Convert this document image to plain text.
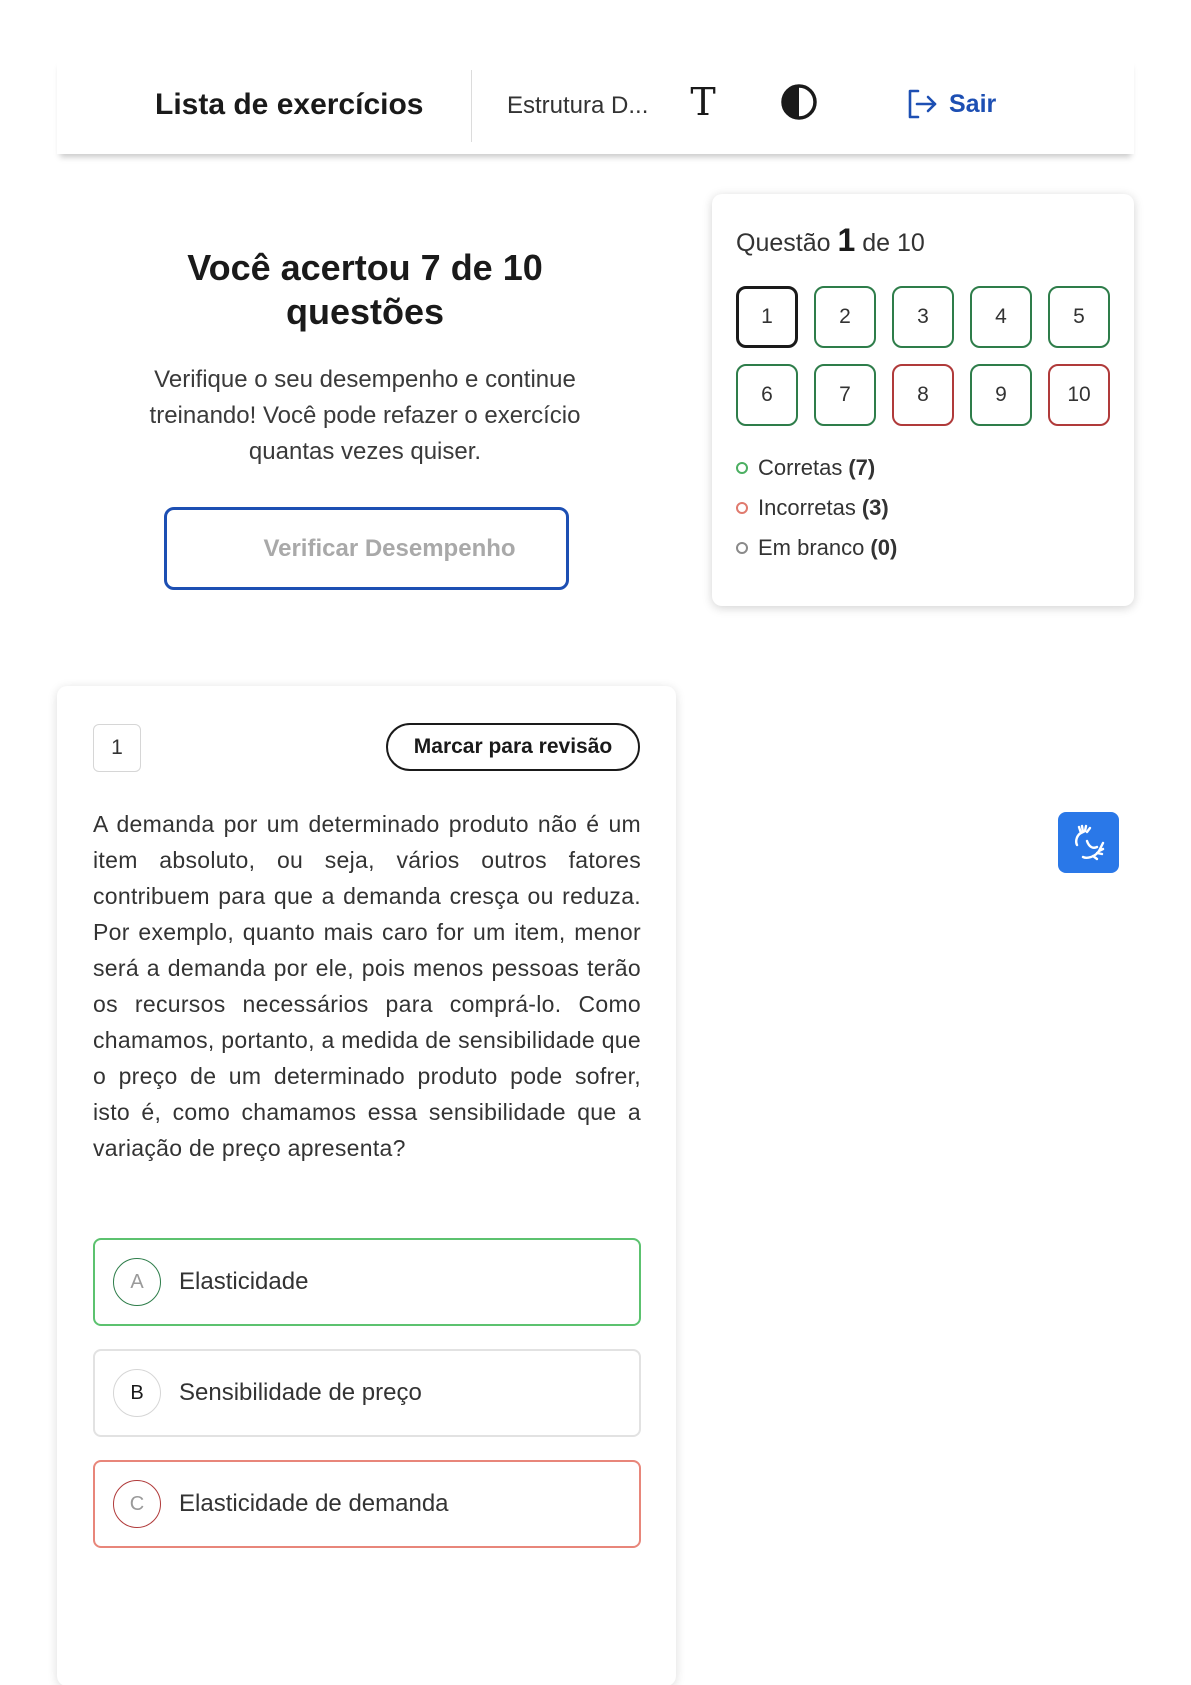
Lista de exercícios	Estrutura D... T	Sair
Você acertou 7 de 10 questões
Verifique o seu desempenho e continue treinando! Você pode refazer o exercício quantas vezes quiser.
Verificar Desempenho
Questão 1 de 10
1	2	3	4	5
6	7	8	9	10
Corretas (7)
Incorretas (3)
Em branco (0)
1	Marcar para revisão
A demanda por um determinado produto não é um item absoluto, ou seja, vários outros fatores contribuem para que a demanda cresça ou reduza. Por exemplo, quanto mais caro for um item, menor será a demanda por ele, pois menos pessoas terão os recursos necessários para comprá-lo. Como chamamos, portanto, a medida de sensibilidade que o preço de um determinado produto pode sofrer, isto é, como chamamos essa sensibilidade que a variação de preço apresenta?
A	Elasticidade
B	Sensibilidade de preço
C	Elasticidade de demanda
